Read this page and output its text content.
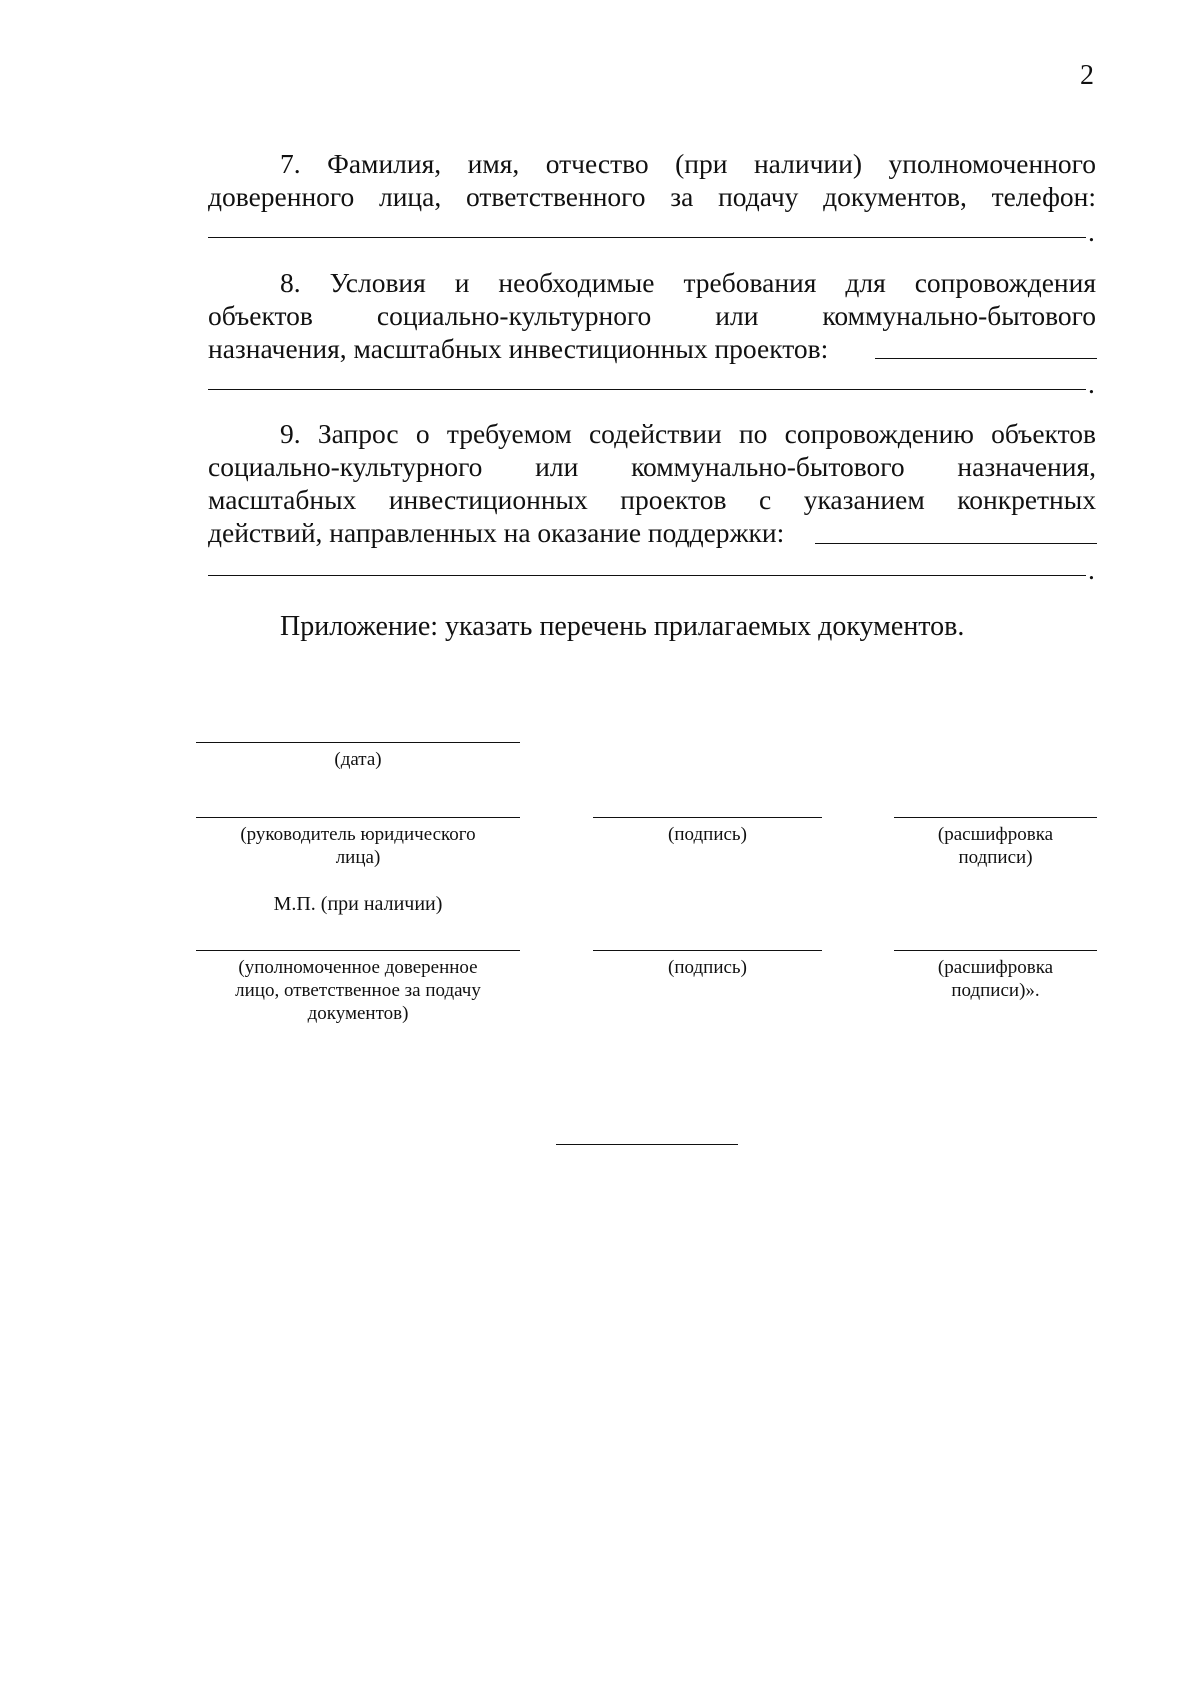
2
7. Фамилия, имя, отчество (при наличии) уполномоченного
доверенного лица, ответственного за подачу документов, телефон:
.
8. Условия и необходимые требования для сопровождения
объектов социально-культурного или коммунально-бытового
назначения, масштабных инвестиционных проектов:
.
9. Запрос о требуемом содействии по сопровождению объектов
социально-культурного или коммунально-бытового назначения,
масштабных инвестиционных проектов с указанием конкретных
действий, направленных на оказание поддержки:
.
Приложение: указать перечень прилагаемых документов.
(дата)
(руководитель юридического
лица)
(подпись)	(расшифровка
подписи)
М.П. (при наличии)
(уполномоченное доверенное
лицо, ответственное за подачу
документов)
(подпись)	(расшифровка
подписи)».
